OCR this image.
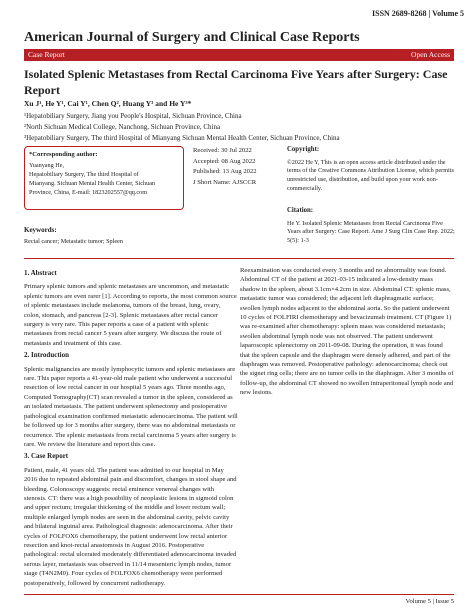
ISSN 2689-8268 | Volume 5
American Journal of Surgery and Clinical Case Reports
Case Report	Open Access
Isolated Splenic Metastases from Rectal Carcinoma Five Years after Surgery: Case Report
Xu J¹, He Y¹, Cai Y¹, Chen Q², Huang Y³ and He Y³*
¹Hepatobiliary Surgery, Jiang you People's Hospital, Sichuan Province, China
²North Sichuan Medical College, Nanchong, Sichuan Province, China
³Hepatobiliary Surgery, The third Hospital of Mianyang Sichuan Mental Health Center, Sichuan Province, China
*Corresponding author:
Yuanyang He,
Hepatobiliary Surgery, The third Hospital of
Mianyang. Sichuan Mental Health Center, Sichuan
Province, China, E-mail: 1823202557@qq.com
Received: 30 Jul 2022
Accepted: 08 Aug 2022
Published: 13 Aug 2022
J Short Name: AJSCCR
Copyright:
©2022 He Y, This is an open access article distributed under the terms of the Creative Commons Attribution License, which permits unrestricted use, distribution, and build upon your work non-commercially.
Citation:
He Y. Isolated Splenic Metastases from Rectal Carcinoma Five Years after Surgery: Case Report. Ame J Surg Clin Case Rep. 2022; 5(5): 1-3
Keywords:
Rectal cancer; Metastatic tumor; Spleen
1. Abstract

Primary splenic tumors and splenic metastases are uncommon, and metastatic splenic tumors are even rarer [1]. According to reports, the most common source of splenic metastases include melanoma, tumors of the breast, lung, ovary, colon, stomach, and pancreas [2-3]. Splenic metastases after rectal cancer surgery is very rare. This paper reports a case of a patient with splenic metastases from rectal cancer 5 years after surgery. We discuss the route of metastasis and treatment of this case.

2. Introduction

Splenic malignancies are mostly lymphocytic tumors and splenic metastases are rare. This paper reports a 41-year-old male patient who underwent a successful resection of low rectal cancer in our hospital 5 years ago. Three months ago, Computed Tomography(CT) scan revealed a tumor in the spleen, considered as an isolated metastasis. The patient underwent splenectomy and postoperative pathological examination confirmed metastatic adenocarcinoma. The patient will be followed up for 3 months after surgery, there was no abdominal metastasis or recurrence. The splenic metastasis from rectal carcinoma 5 years after surgery is rare. We review the literature and report this case.

3. Case Report

Patient, male, 41 years old. The patient was admitted to our hospital in May 2016 due to repeated abdominal pain and discomfort, changes in stool shape and bleeding. Colonoscopy suggests: rectal eminence venereal changes with stenosis. CT: there was a high possibility of neoplastic lesions in sigmoid colon and upper rectum; irregular thickening of the middle and lower rectum wall; multiple enlarged lymph nodes are seen in the abdominal cavity, pelvic cavity and bilateral inguinal area. Pathological diagnosis: adenocarcinoma. After their cycles of FOLFOX6 chemotherapy, the patient underwent low rectal anterior resection and knot-rectal anastomosis in August 2016. Postoperative pathological: rectal ulcerated moderately differentiated adenocarcinoma invaded serous layer, metastasis was observed in 11/14 mesenteric lymph nodes, tumor stage (T4N2M0). Four cycles of FOLFOX6 chemotherapy were performed postoperatively, followed by concurrent radiotherapy.

Reexamination was conducted every 3 months and no abnormality was found. Abdominal CT of the patient at 2021-03-15 indicated a low-density mass shadow in the spleen, about 3.1cm×4.2cm in size. Abdominal CT: splenic mass, metastatic tumor was considered; the adjacent left diaphragmatic surface; swollen lymph nodes adjacent to the abdominal aorta. So the patient underwent 10 cycles of FOLFIRI chemotherapy and bevacizumab treatment. CT (Figure 1) was re-examined after chemotherapy: spleen mass was considered metastasis; swollen abdominal lymph node was not observed. The patient underwent laparoscopic splenectomy on 2011-09-08. During the operation, it was found that the spleen capsule and the diaphragm were densely adhered, and part of the diaphragm was removed. Postoperative pathology: adenocarcinoma; check out the signet ring cells; there are no tumor cells in the diaphragm. After 3 months of follow-up, the abdominal CT showed no swollen intraperitoneal lymph node and new lesions.

Volume 5 | Issue 5
